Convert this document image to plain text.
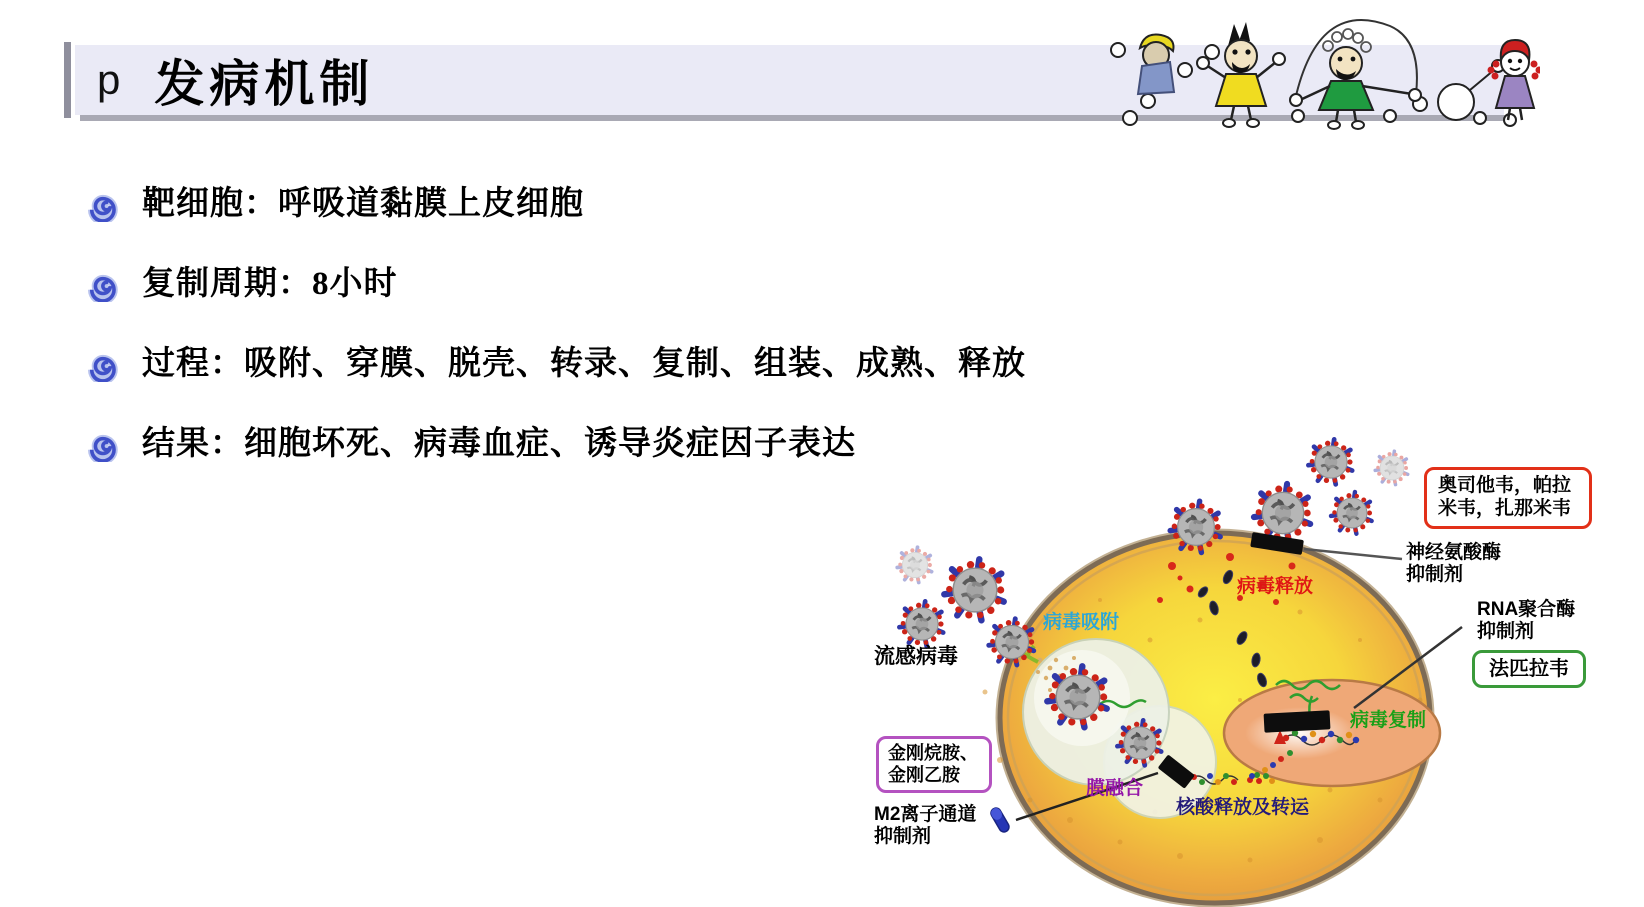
p 发病机制
靶细胞：呼吸道黏膜上皮细胞
复制周期：8小时
过程：吸附、穿膜、脱壳、转录、复制、组装、成熟、释放
结果：细胞坏死、病毒血症、诱导炎症因子表达
流感病毒
病毒吸附
病毒释放
病毒复制
膜融合
核酸释放及转运
神经氨酸酶抑制剂
RNA聚合酶抑制剂
M2离子通道抑制剂
奥司他韦，帕拉米韦，扎那米韦
法匹拉韦
金刚烷胺、金刚乙胺
